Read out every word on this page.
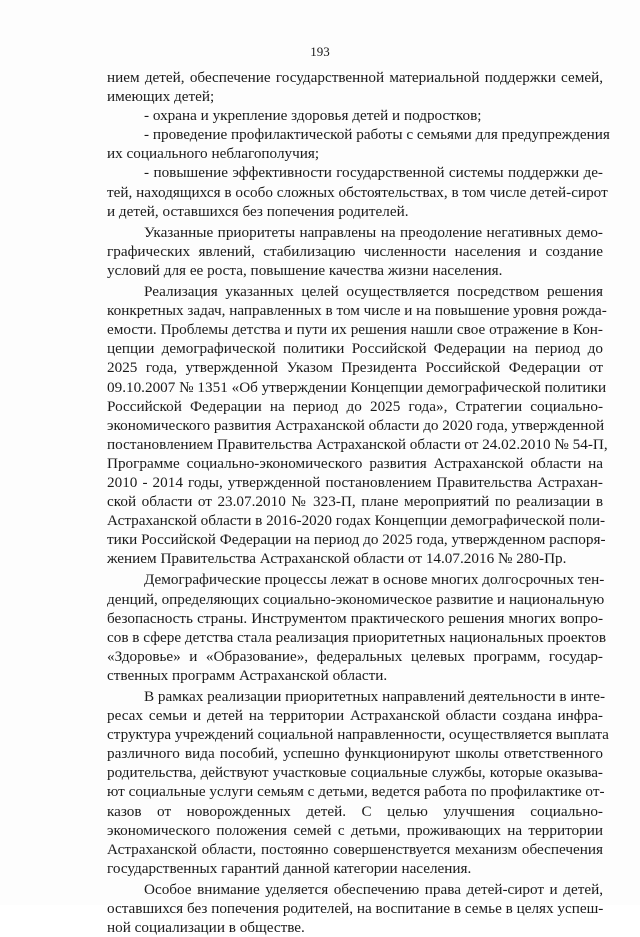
193
нием детей, обеспечение государственной материальной поддержки семей,
имеющих детей;
- охрана и укрепление здоровья детей и подростков;
- проведение профилактической работы с семьями для предупреждения
их социального неблагополучия;
- повышение эффективности государственной системы поддержки де-
тей, находящихся в особо сложных обстоятельствах, в том числе детей-сирот
и детей, оставшихся без попечения родителей.
Указанные приоритеты направлены на преодоление негативных демо-
графических явлений, стабилизацию численности населения и создание
условий для ее роста, повышение качества жизни населения.
Реализация указанных целей осуществляется посредством решения
конкретных задач, направленных в том числе и на повышение уровня рожда-
емости. Проблемы детства и пути их решения нашли свое отражение в Кон-
цепции демографической политики Российской Федерации на период до
2025 года, утвержденной Указом Президента Российской Федерации от
09.10.2007 № 1351 «Об утверждении Концепции демографической политики
Российской Федерации на период до 2025 года», Стратегии социально-
экономического развития Астраханской области до 2020 года, утвержденной
постановлением Правительства Астраханской области от 24.02.2010 № 54-П,
Программе социально-экономического развития Астраханской области на
2010 - 2014 годы, утвержденной постановлением Правительства Астрахан-
ской области от 23.07.2010 № 323-П, плане мероприятий по реализации в
Астраханской области в 2016-2020 годах Концепции демографической поли-
тики Российской Федерации на период до 2025 года, утвержденном распоря-
жением Правительства Астраханской области от 14.07.2016 № 280-Пр.
Демографические процессы лежат в основе многих долгосрочных тен-
денций, определяющих социально-экономическое развитие и национальную
безопасность страны. Инструментом практического решения многих вопро-
сов в сфере детства стала реализация приоритетных национальных проектов
«Здоровье» и «Образование», федеральных целевых программ, государ-
ственных программ Астраханской области.
В рамках реализации приоритетных направлений деятельности в инте-
ресах семьи и детей на территории Астраханской области создана инфра-
структура учреждений социальной направленности, осуществляется выплата
различного вида пособий, успешно функционируют школы ответственного
родительства, действуют участковые социальные службы, которые оказыва-
ют социальные услуги семьям с детьми, ведется работа по профилактике от-
казов от новорожденных детей. С целью улучшения социально-
экономического положения семей с детьми, проживающих на территории
Астраханской области, постоянно совершенствуется механизм обеспечения
государственных гарантий данной категории населения.
Особое внимание уделяется обеспечению права детей-сирот и детей,
оставшихся без попечения родителей, на воспитание в семье в целях успеш-
ной социализации в обществе.
